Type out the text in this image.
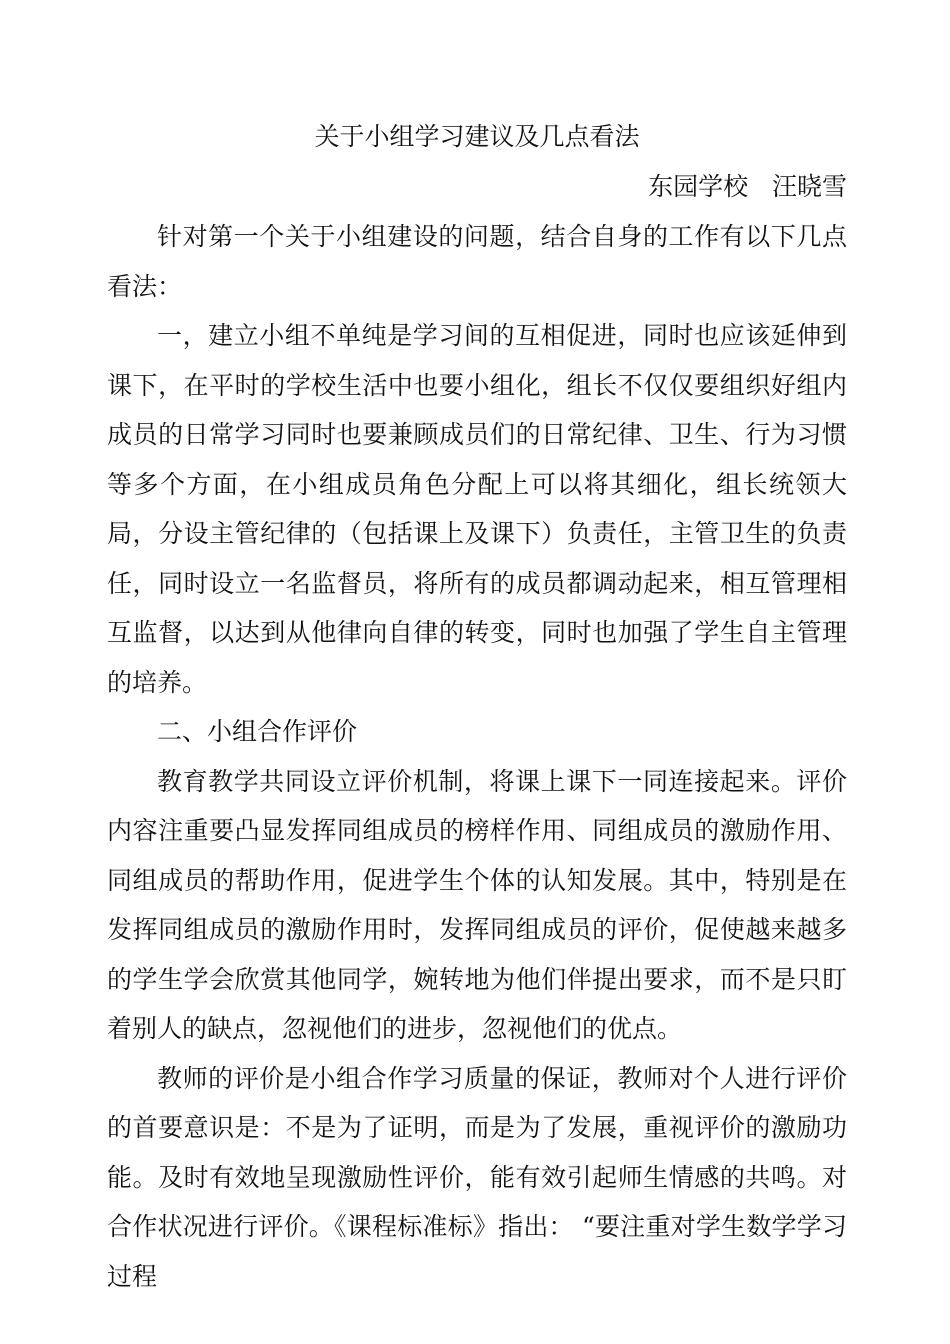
关于小组学习建议及几点看法

东园学校   汪晓雪

针对第一个关于小组建设的问题，结合自身的工作有以下几点看法：

一，建立小组不单纯是学习间的互相促进，同时也应该延伸到课下，在平时的学校生活中也要小组化，组长不仅仅要组织好组内成员的日常学习同时也要兼顾成员们的日常纪律、卫生、行为习惯等多个方面，在小组成员角色分配上可以将其细化，组长统领大局，分设主管纪律的（包括课上及课下）负责任，主管卫生的负责任，同时设立一名监督员，将所有的成员都调动起来，相互管理相互监督，以达到从他律向自律的转变，同时也加强了学生自主管理的培养。

二、小组合作评价

教育教学共同设立评价机制，将课上课下一同连接起来。评价内容注重要凸显发挥同组成员的榜样作用、同组成员的激励作用、同组成员的帮助作用，促进学生个体的认知发展。其中，特别是在发挥同组成员的激励作用时，发挥同组成员的评价，促使越来越多的学生学会欣赏其他同学，婉转地为他们伴提出要求，而不是只盯着别人的缺点，忽视他们的进步，忽视他们的优点。

教师的评价是小组合作学习质量的保证，教师对个人进行评价的首要意识是：不是为了证明，而是为了发展，重视评价的激励功能。及时有效地呈现激励性评价，能有效引起师生情感的共鸣。对合作状况进行评价。《课程标准标》指出： “要注重对学生数学学习过程
